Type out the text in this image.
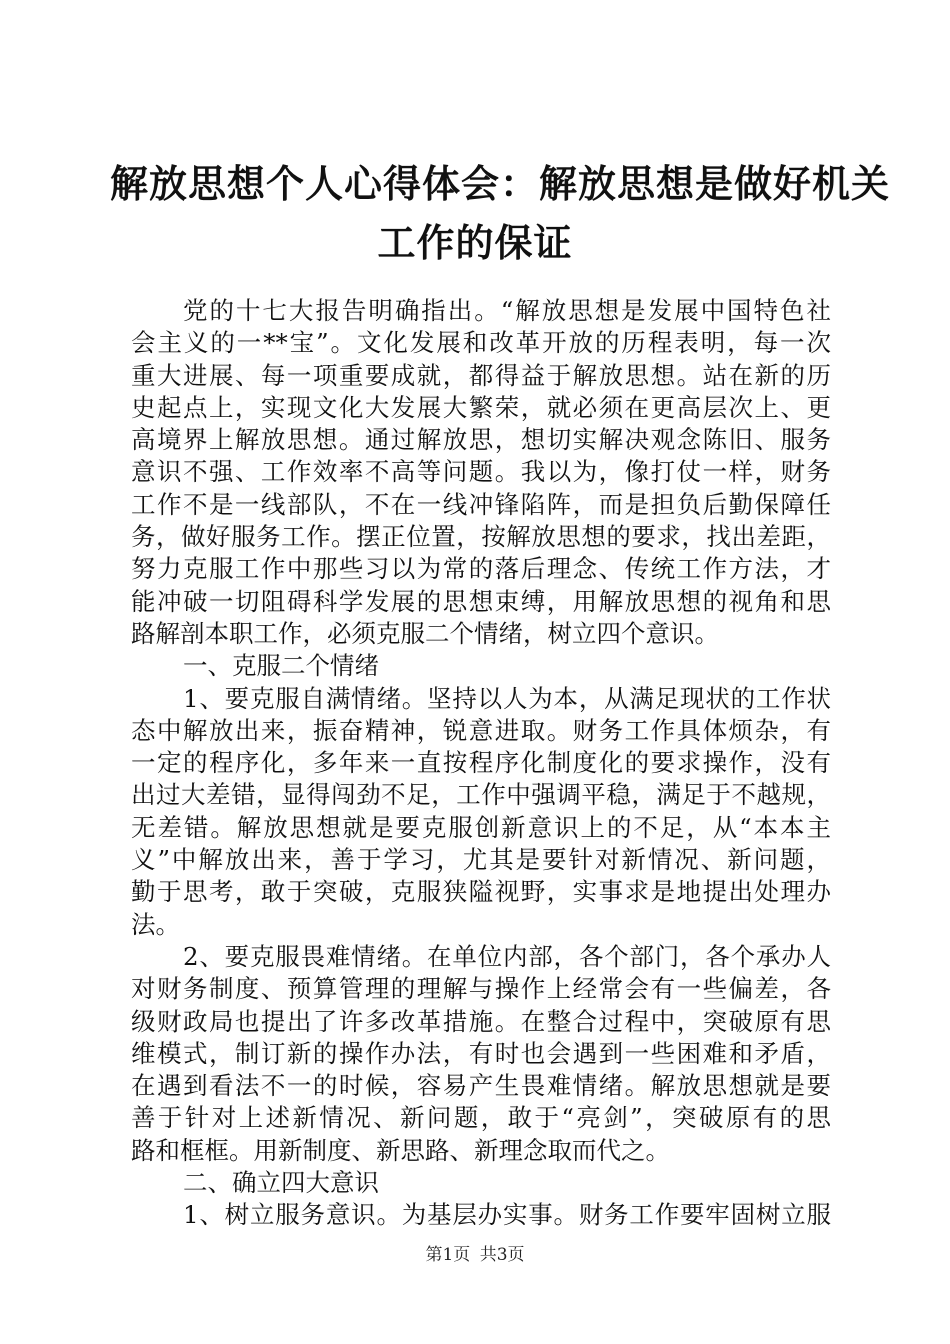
解放思想个人心得体会：解放思想是做好机关
工作的保证
党的十七大报告明确指出。“解放思想是发展中国特色社
会主义的一**宝”。文化发展和改革开放的历程表明，每一次
重大进展、每一项重要成就，都得益于解放思想。站在新的历
史起点上，实现文化大发展大繁荣，就必须在更高层次上、更
高境界上解放思想。通过解放思，想切实解决观念陈旧、服务
意识不强、工作效率不高等问题。我以为，像打仗一样，财务
工作不是一线部队，不在一线冲锋陷阵，而是担负后勤保障任
务，做好服务工作。摆正位置，按解放思想的要求，找出差距，
努力克服工作中那些习以为常的落后理念、传统工作方法，才
能冲破一切阻碍科学发展的思想束缚，用解放思想的视角和思
路解剖本职工作，必须克服二个情绪，树立四个意识。
一、克服二个情绪
1、要克服自满情绪。坚持以人为本，从满足现状的工作状
态中解放出来，振奋精神，锐意进取。财务工作具体烦杂，有
一定的程序化，多年来一直按程序化制度化的要求操作，没有
出过大差错，显得闯劲不足，工作中强调平稳，满足于不越规，
无差错。解放思想就是要克服创新意识上的不足，从“本本主
义”中解放出来，善于学习，尤其是要针对新情况、新问题，
勤于思考，敢于突破，克服狭隘视野，实事求是地提出处理办
法。
2、要克服畏难情绪。在单位内部，各个部门，各个承办人
对财务制度、预算管理的理解与操作上经常会有一些偏差，各
级财政局也提出了许多改革措施。在整合过程中，突破原有思
维模式，制订新的操作办法，有时也会遇到一些困难和矛盾，
在遇到看法不一的时候，容易产生畏难情绪。解放思想就是要
善于针对上述新情况、新问题，敢于“亮剑”，突破原有的思
路和框框。用新制度、新思路、新理念取而代之。
二、确立四大意识
1、树立服务意识。为基层办实事。财务工作要牢固树立服
第1页 共3页
